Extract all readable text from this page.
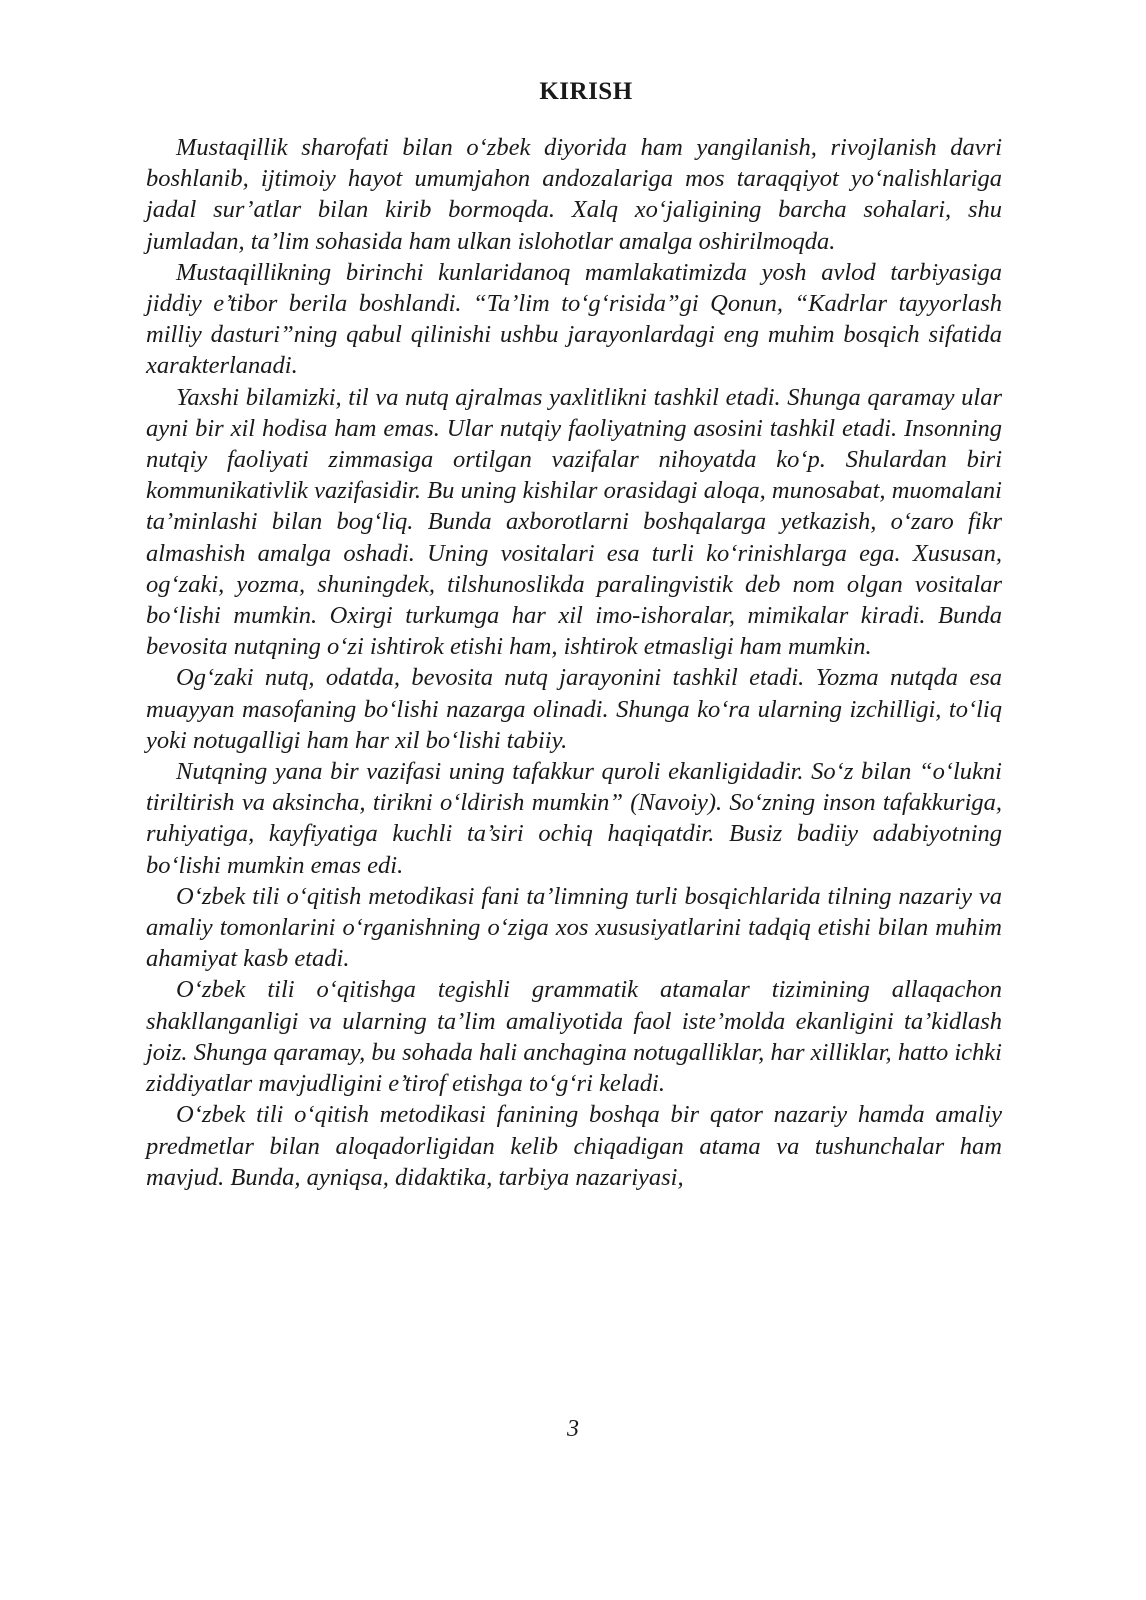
KIRISH

Mustaqillik sharofati bilan o‘zbek diyorida ham yangilanish, rivojlanish davri boshlanib, ijtimoiy hayot umumjahon andozalariga mos taraqqiyot yo‘nalishlariga jadal sur’atlar bilan kirib bormoqda. Xalq xo‘jaligining barcha sohalari, shu jumladan, ta’lim sohasida ham ulkan islohotlar amalga oshirilmoqda.

Mustaqillikning birinchi kunlaridanoq mamlakatimizda yosh avlod tarbiyasiga jiddiy e’tibor berila boshlandi. “Ta’lim to‘g‘risida”gi Qonun, “Kadrlar tayyorlash milliy dasturi”ning qabul qilinishi ushbu jarayonlardagi eng muhim bosqich sifatida xarakterlanadi.

Yaxshi bilamizki, til va nutq ajralmas yaxlitlikni tashkil etadi. Shunga qaramay ular ayni bir xil hodisa ham emas. Ular nutqiy faoliyatning asosini tashkil etadi. Insonning nutqiy faoliyati zimmasiga ortilgan vazifalar nihoyatda ko‘p. Shulardan biri kommunikativlik vazifasidir. Bu uning kishilar orasidagi aloqa, munosabat, muomalani ta’minlashi bilan bog‘liq. Bunda axborotlarni boshqalarga yetkazish, o‘zaro fikr almashish amalga oshadi. Uning vositalari esa turli ko‘rinishlarga ega. Xususan, og‘zaki, yozma, shuningdek, tilshunoslikda paralingvistik deb nom olgan vositalar bo‘lishi mumkin. Oxirgi turkumga har xil imo-ishoralar, mimikalar kiradi. Bunda bevosita nutqning o‘zi ishtirok etishi ham, ishtirok etmasligi ham mumkin.

Og‘zaki nutq, odatda, bevosita nutq jarayonini tashkil etadi. Yozma nutqda esa muayyan masofaning bo‘lishi nazarga olinadi. Shunga ko‘ra ularning izchilligi, to‘liq yoki notugalligi ham har xil bo‘lishi tabiiy.

Nutqning yana bir vazifasi uning tafakkur quroli ekanligidadir. So‘z bilan “o‘lukni tiriltirish va aksincha, tirikni o‘ldirish mumkin” (Navoiy). So‘zning inson tafakkuriga, ruhiyatiga, kayfiyatiga kuchli ta’siri ochiq haqiqatdir. Busiz badiiy adabiyotning bo‘lishi mumkin emas edi.

O‘zbek tili o‘qitish metodikasi fani ta’limning turli bosqichlarida tilning nazariy va amaliy tomonlarini o‘rganishning o‘ziga xos xususiyatlarini tadqiq etishi bilan muhim ahamiyat kasb etadi.

O‘zbek tili o‘qitishga tegishli grammatik atamalar tizimining allaqachon shakllanganligi va ularning ta’lim amaliyotida faol iste’molda ekanligini ta’kidlash joiz. Shunga qaramay, bu sohada hali anchagina notugalliklar, har xilliklar, hatto ichki ziddiyatlar mavjudligini e’tirof etishga to‘g‘ri keladi.

O‘zbek tili o‘qitish metodikasi fanining boshqa bir qator nazariy hamda amaliy predmetlar bilan aloqadorligidan kelib chiqadigan atama va tushunchalar ham mavjud. Bunda, ayniqsa, didaktika, tarbiya nazariyasi,

3
